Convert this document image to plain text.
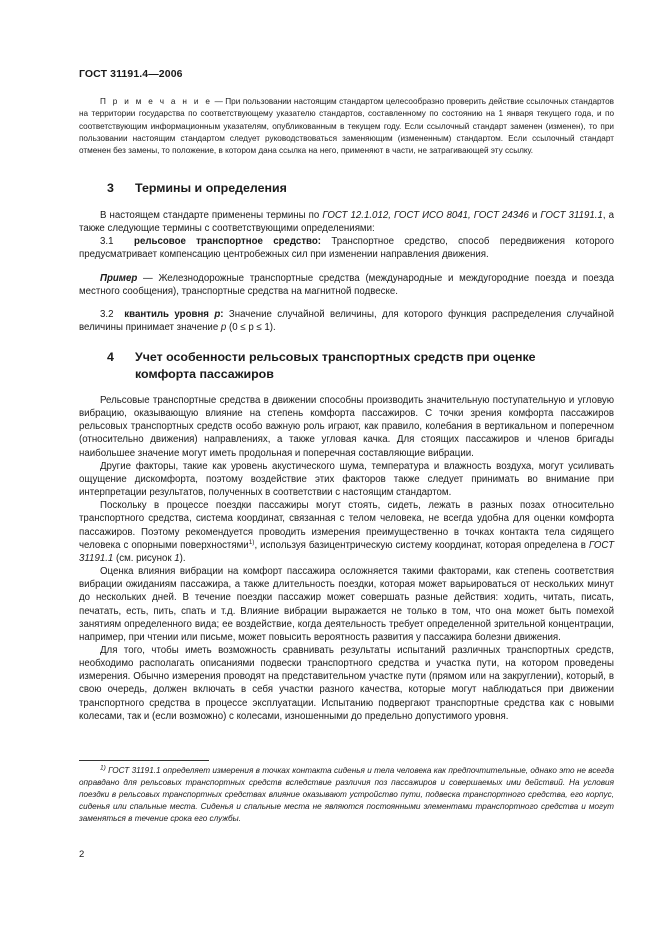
ГОСТ 31191.4—2006
П р и м е ч а н и е — При пользовании настоящим стандартом целесообразно проверить действие ссылочных стандартов на территории государства по соответствующему указателю стандартов, составленному по состоянию на 1 января текущего года, и по соответствующим информационным указателям, опубликованным в текущем году. Если ссылочный стандарт заменен (изменен), то при пользовании настоящим стандартом следует руководствоваться заменяющим (измененным) стандартом. Если ссылочный стандарт отменен без замены, то положение, в котором дана ссылка на него, применяют в части, не затрагивающей эту ссылку.
3 Термины и определения

В настоящем стандарте применены термины по ГОСТ 12.1.012, ГОСТ ИСО 8041, ГОСТ 24346 и ГОСТ 31191.1, а также следующие термины с соответствующими определениями:

3.1 рельсовое транспортное средство: Транспортное средство, способ передвижения которого предусматривает компенсацию центробежных сил при изменении направления движения.

Пример — Железнодорожные транспортные средства (международные и междугородние поезда и поезда местного сообщения), транспортные средства на магнитной подвеске.

3.2 квантиль уровня p: Значение случайной величины, для которого функция распределения случайной величины принимает значение p (0 ≤ p ≤ 1).

4 Учет особенности рельсовых транспортных средств при оценке
комфорта пассажиров

Рельсовые транспортные средства в движении способны производить значительную поступательную и угловую вибрацию, оказывающую влияние на степень комфорта пассажиров. С точки зрения комфорта пассажиров рельсовых транспортных средств особо важную роль играют, как правило, колебания в вертикальном и поперечном (относительно движения) направлениях, а также угловая качка. Для стоящих пассажиров и членов бригады наибольшее значение могут иметь продольная и поперечная составляющие вибрации.

Другие факторы, такие как уровень акустического шума, температура и влажность воздуха, могут усиливать ощущение дискомфорта, поэтому воздействие этих факторов также следует принимать во внимание при интерпретации результатов, полученных в соответствии с настоящим стандартом.

Поскольку в процессе поездки пассажиры могут стоять, сидеть, лежать в разных позах относительно транспортного средства, система координат, связанная с телом человека, не всегда удобна для оценки комфорта пассажиров. Поэтому рекомендуется проводить измерения преимущественно в точках контакта тела сидящего человека с опорными поверхностями$^{1)}$, используя базицентрическую систему координат, которая определена в ГОСТ 31191.1 (см. рисунок 1).

Оценка влияния вибрации на комфорт пассажира осложняется такими факторами, как степень соответствия вибрации ожиданиям пассажира, а также длительность поездки, которая может варьироваться от нескольких минут до нескольких дней. В течение поездки пассажир может совершать разные действия: ходить, читать, писать, печатать, есть, пить, спать и т.д. Влияние вибрации выражается не только в том, что она может быть помехой занятиям определенного вида; ее воздействие, когда деятельность требует определенной зрительной концентрации, например, при чтении или письме, может повысить вероятность развития у пассажира болезни движения.

Для того, чтобы иметь возможность сравнивать результаты испытаний различных транспортных средств, необходимо располагать описаниями подвески транспортного средства и участка пути, на котором проведены измерения. Обычно измерения проводят на представительном участке пути (прямом или на закруглении), который, в свою очередь, должен включать в себя участки разного качества, которые могут наблюдаться при движении транспортного средства в процессе эксплуатации. Испытанию подвергают транспортные средства как с новыми колесами, так и (если возможно) с колесами, изношенными до предельно допустимого уровня.

$^{1)}$ ГОСТ 31191.1 определяет измерения в точках контакта сиденья и тела человека как предпочтительные, однако это не всегда оправдано для рельсовых транспортных средств вследствие различия поз пассажиров и совершаемых ими действий. На условия поездки в рельсовых транспортных средствах влияние оказывают устройство пути, подвеска транспортного средства, его корпус, сиденья или спальные места. Сиденья и спальные места не являются постоянными элементами транспортного средства и могут заменяться в течение срока его службы.
2
